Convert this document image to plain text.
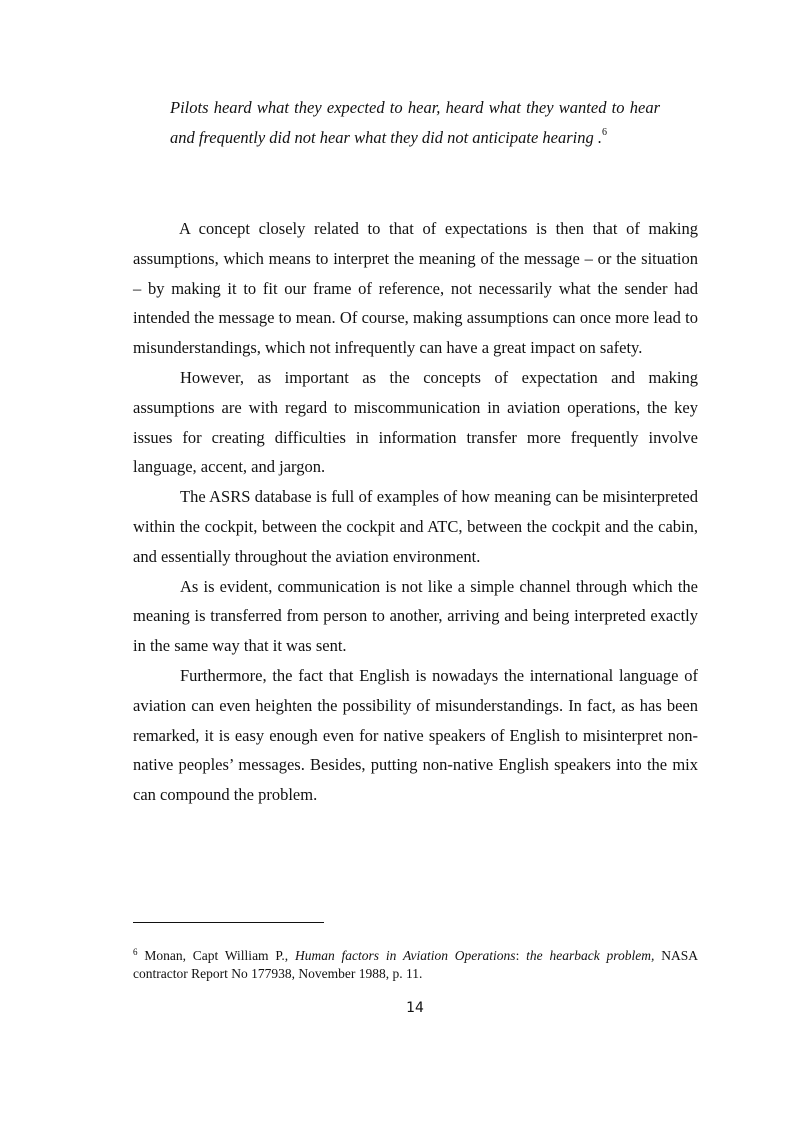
Pilots heard what they expected to hear, heard what they wanted to hear and frequently did not hear what they did not anticipate hearing .$^6$

A concept closely related to that of expectations is then that of making assumptions, which means to interpret the meaning of the message – or the situation – by making it to fit our frame of reference, not necessarily what the sender had intended the message to mean. Of course, making assumptions can once more lead to misunderstandings, which not infrequently can have a great impact on safety.

However, as important as the concepts of expectation and making assumptions are with regard to miscommunication in aviation operations, the key issues for creating difficulties in information transfer more frequently involve language, accent, and jargon.

The ASRS database is full of examples of how meaning can be misinterpreted within the cockpit, between the cockpit and ATC, between the cockpit and the cabin, and essentially throughout the aviation environment.

As is evident, communication is not like a simple channel through which the meaning is transferred from person to another, arriving and being interpreted exactly in the same way that it was sent.

Furthermore, the fact that English is nowadays the international language of aviation can even heighten the possibility of misunderstandings. In fact, as has been remarked, it is easy enough even for native speakers of English to misinterpret non-native peoples’ messages. Besides, putting non-native English speakers into the mix can compound the problem.

$^6$ Monan, Capt William P., Human factors in Aviation Operations: the hearback problem, NASA contractor Report No 177938, November 1988, p. 11.
14
